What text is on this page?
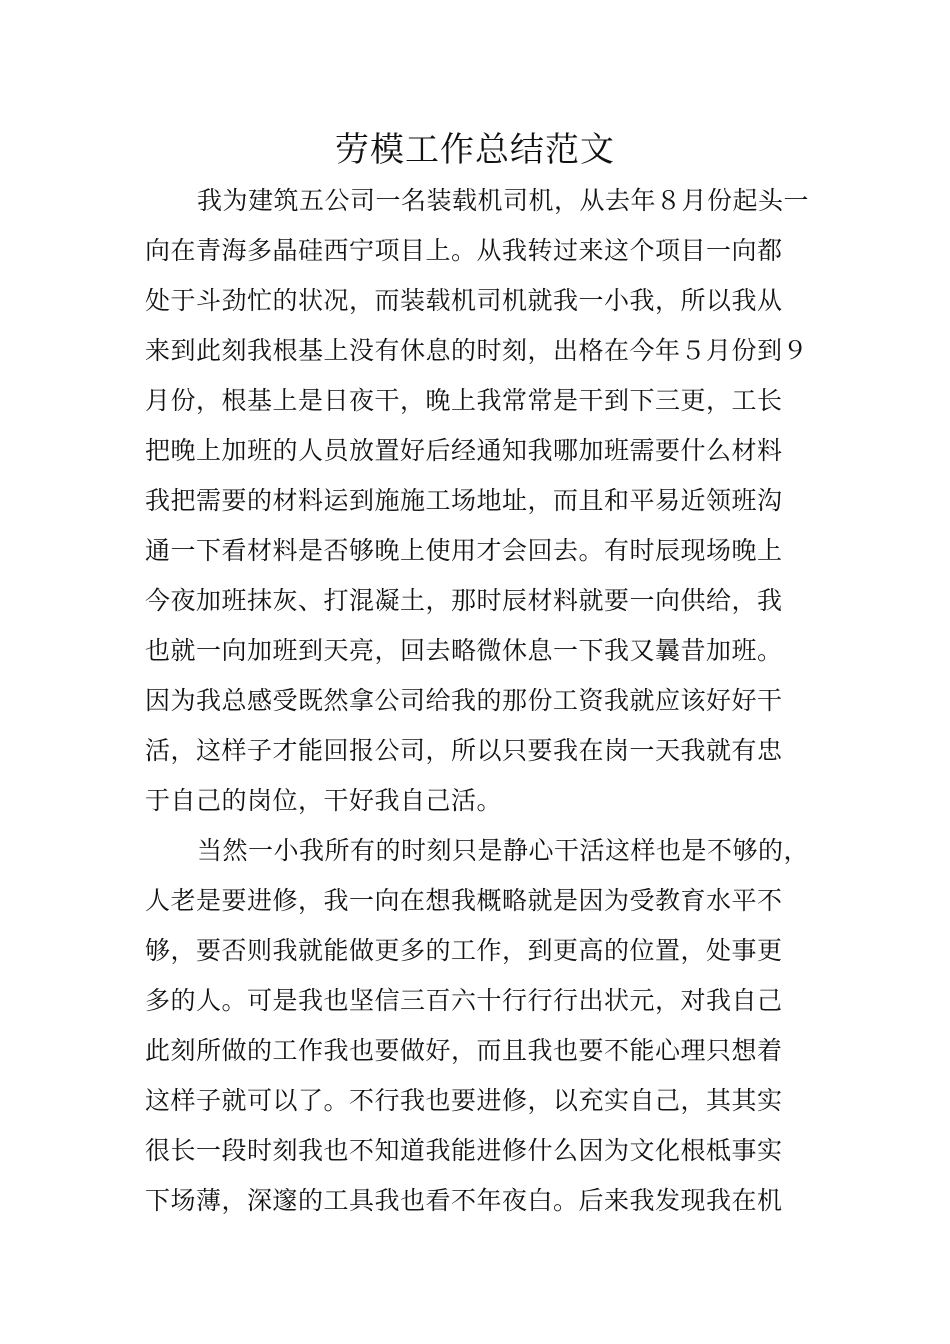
劳模工作总结范文
我为建筑五公司一名装载机司机，从去年８月份起头一
向在青海多晶硅西宁项目上。从我转过来这个项目一向都
处于斗劲忙的状况，而装载机司机就我一小我，所以我从
来到此刻我根基上没有休息的时刻，出格在今年５月份到９
月份，根基上是日夜干，晚上我常常是干到下三更，工长
把晚上加班的人员放置好后经通知我哪加班需要什么材料
我把需要的材料运到施施工场地址，而且和平易近领班沟
通一下看材料是否够晚上使用才会回去。有时辰现场晚上
今夜加班抹灰、打混凝土，那时辰材料就要一向供给，我
也就一向加班到天亮，回去略微休息一下我又曩昔加班。
因为我总感受既然拿公司给我的那份工资我就应该好好干
活，这样子才能回报公司，所以只要我在岗一天我就有忠
于自己的岗位，干好我自己活。
当然一小我所有的时刻只是静心干活这样也是不够的，
人老是要进修，我一向在想我概略就是因为受教育水平不
够，要否则我就能做更多的工作，到更高的位置，处事更
多的人。可是我也坚信三百六十行行行出状元，对我自己
此刻所做的工作我也要做好，而且我也要不能心理只想着
这样子就可以了。不行我也要进修，以充实自己，其其实
很长一段时刻我也不知道我能进修什么因为文化根柢事实
下场薄，深邃的工具我也看不年夜白。后来我发现我在机
